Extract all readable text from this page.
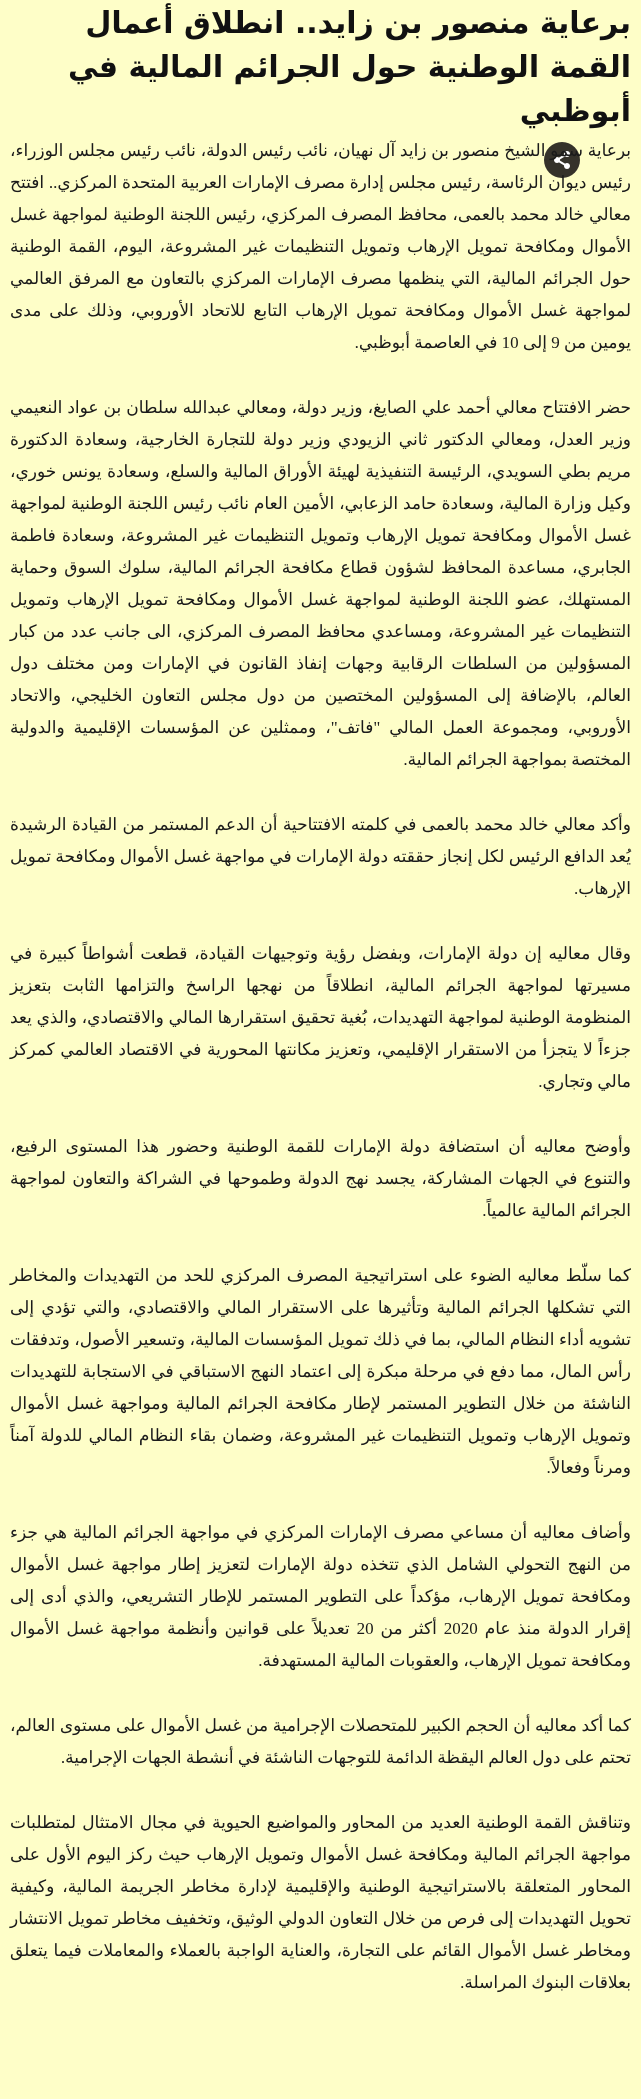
برعاية منصور بن زايد.. انطلاق أعمال القمة الوطنية حول الجرائم المالية في أبوظبي

برعاية سمو الشيخ منصور بن زايد آل نهيان، نائب رئيس الدولة، نائب رئيس مجلس الوزراء، رئيس ديوان الرئاسة، رئيس مجلس إدارة مصرف الإمارات العربية المتحدة المركزي.. افتتح معالي خالد محمد بالعمى، محافظ المصرف المركزي، رئيس اللجنة الوطنية لمواجهة غسل الأموال ومكافحة تمويل الإرهاب وتمويل التنظيمات غير المشروعة، اليوم، القمة الوطنية حول الجرائم المالية، التي ينظمها مصرف الإمارات المركزي بالتعاون مع المرفق العالمي لمواجهة غسل الأموال ومكافحة تمويل الإرهاب التابع للاتحاد الأوروبي، وذلك على مدى يومين من 9 إلى 10 في العاصمة أبوظبي.

حضر الافتتاح معالي أحمد علي الصايغ، وزير دولة، ومعالي عبدالله سلطان بن عواد النعيمي وزير العدل، ومعالي الدكتور ثاني الزيودي وزير دولة للتجارة الخارجية، وسعادة الدكتورة مريم بطي السويدي، الرئيسة التنفيذية لهيئة الأوراق المالية والسلع، وسعادة يونس خوري، وكيل وزارة المالية، وسعادة حامد الزعابي، الأمين العام نائب رئيس اللجنة الوطنية لمواجهة غسل الأموال ومكافحة تمويل الإرهاب وتمويل التنظيمات غير المشروعة، وسعادة فاطمة الجابري، مساعدة المحافظ لشؤون قطاع مكافحة الجرائم المالية، سلوك السوق وحماية المستهلك، عضو اللجنة الوطنية لمواجهة غسل الأموال ومكافحة تمويل الإرهاب وتمويل التنظيمات غير المشروعة، ومساعدي محافظ المصرف المركزي، الى جانب عدد من كبار المسؤولين من السلطات الرقابية وجهات إنفاذ القانون في الإمارات ومن مختلف دول العالم، بالإضافة إلى المسؤولين المختصين من دول مجلس التعاون الخليجي، والاتحاد الأوروبي، ومجموعة العمل المالي "فاتف"، وممثلين عن المؤسسات الإقليمية والدولية المختصة بمواجهة الجرائم المالية.

وأكد معالي خالد محمد بالعمى في كلمته الافتتاحية أن الدعم المستمر من القيادة الرشيدة يُعد الدافع الرئيس لكل إنجاز حققته دولة الإمارات في مواجهة غسل الأموال ومكافحة تمويل الإرهاب.

وقال معاليه إن دولة الإمارات، وبفضل رؤية وتوجيهات القيادة، قطعت أشواطاً كبيرة في مسيرتها لمواجهة الجرائم المالية، انطلاقاً من نهجها الراسخ والتزامها الثابت بتعزيز المنظومة الوطنية لمواجهة التهديدات، بُغية تحقيق استقرارها المالي والاقتصادي، والذي يعد جزءاً لا يتجزأ من الاستقرار الإقليمي، وتعزيز مكانتها المحورية في الاقتصاد العالمي كمركز مالي وتجاري.

وأوضح معاليه أن استضافة دولة الإمارات للقمة الوطنية وحضور هذا المستوى الرفيع، والتنوع في الجهات المشاركة، يجسد نهج الدولة وطموحها في الشراكة والتعاون لمواجهة الجرائم المالية عالمياً.

كما سلّط معاليه الضوء على استراتيجية المصرف المركزي للحد من التهديدات والمخاطر التي تشكلها الجرائم المالية وتأثيرها على الاستقرار المالي والاقتصادي، والتي تؤدي إلى تشويه أداء النظام المالي، بما في ذلك تمويل المؤسسات المالية، وتسعير الأصول، وتدفقات رأس المال، مما دفع في مرحلة مبكرة إلى اعتماد النهج الاستباقي في الاستجابة للتهديدات الناشئة من خلال التطوير المستمر لإطار مكافحة الجرائم المالية ومواجهة غسل الأموال وتمويل الإرهاب وتمويل التنظيمات غير المشروعة، وضمان بقاء النظام المالي للدولة آمناً ومرناً وفعالاً.

وأضاف معاليه أن مساعي مصرف الإمارات المركزي في مواجهة الجرائم المالية هي جزء من النهج التحولي الشامل الذي تتخذه دولة الإمارات لتعزيز إطار مواجهة غسل الأموال ومكافحة تمويل الإرهاب، مؤكداً على التطوير المستمر للإطار التشريعي، والذي أدى إلى إقرار الدولة منذ عام 2020 أكثر من 20 تعديلاً على قوانين وأنظمة مواجهة غسل الأموال ومكافحة تمويل الإرهاب، والعقوبات المالية المستهدفة.

كما أكد معاليه أن الحجم الكبير للمتحصلات الإجرامية من غسل الأموال على مستوى العالم، تحتم على دول العالم اليقظة الدائمة للتوجهات الناشئة في أنشطة الجهات الإجرامية.

وتناقش القمة الوطنية العديد من المحاور والمواضيع الحيوية في مجال الامتثال لمتطلبات مواجهة الجرائم المالية ومكافحة غسل الأموال وتمويل الإرهاب حيث ركز اليوم الأول على المحاور المتعلقة بالاستراتيجية الوطنية والإقليمية لإدارة مخاطر الجريمة المالية، وكيفية تحويل التهديدات إلى فرص من خلال التعاون الدولي الوثيق، وتخفيف مخاطر تمويل الانتشار ومخاطر غسل الأموال القائم على التجارة، والعناية الواجبة بالعملاء والمعاملات فيما يتعلق بعلاقات البنوك المراسلة.
